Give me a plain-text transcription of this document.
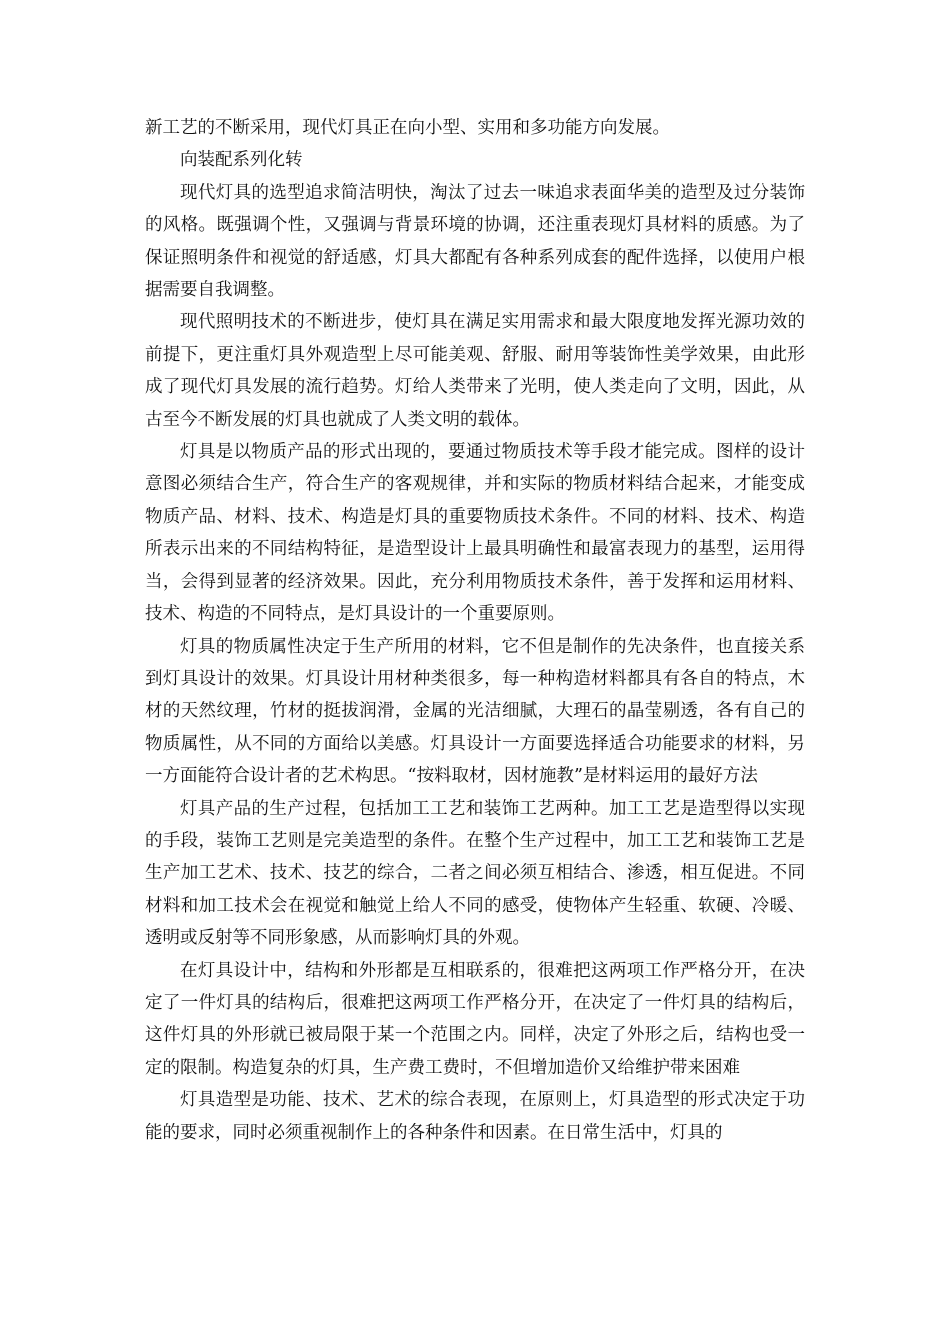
新工艺的不断采用，现代灯具正在向小型、实用和多功能方向发展。

向装配系列化转

现代灯具的选型追求简洁明快，淘汰了过去一味追求表面华美的造型及过分装饰的风格。既强调个性，又强调与背景环境的协调，还注重表现灯具材料的质感。为了保证照明条件和视觉的舒适感，灯具大都配有各种系列成套的配件选择，以使用户根据需要自我调整。

现代照明技术的不断进步，使灯具在满足实用需求和最大限度地发挥光源功效的前提下，更注重灯具外观造型上尽可能美观、舒服、耐用等装饰性美学效果，由此形成了现代灯具发展的流行趋势。灯给人类带来了光明，使人类走向了文明，因此，从古至今不断发展的灯具也就成了人类文明的载体。

灯具是以物质产品的形式出现的，要通过物质技术等手段才能完成。图样的设计意图必须结合生产，符合生产的客观规律，并和实际的物质材料结合起来，才能变成物质产品、材料、技术、构造是灯具的重要物质技术条件。不同的材料、技术、构造所表示出来的不同结构特征，是造型设计上最具明确性和最富表现力的基型，运用得当，会得到显著的经济效果。因此，充分利用物质技术条件，善于发挥和运用材料、技术、构造的不同特点，是灯具设计的一个重要原则。

灯具的物质属性决定于生产所用的材料，它不但是制作的先决条件，也直接关系到灯具设计的效果。灯具设计用材种类很多，每一种构造材料都具有各自的特点，木材的天然纹理，竹材的挺拔润滑，金属的光洁细腻，大理石的晶莹剔透，各有自己的物质属性，从不同的方面给以美感。灯具设计一方面要选择适合功能要求的材料，另一方面能符合设计者的艺术构思。“按料取材，因材施教”是材料运用的最好方法

灯具产品的生产过程，包括加工工艺和装饰工艺两种。加工工艺是造型得以实现的手段，装饰工艺则是完美造型的条件。在整个生产过程中，加工工艺和装饰工艺是生产加工艺术、技术、技艺的综合，二者之间必须互相结合、渗透，相互促进。不同材料和加工技术会在视觉和触觉上给人不同的感受，使物体产生轻重、软硬、冷暖、透明或反射等不同形象感，从而影响灯具的外观。

在灯具设计中，结构和外形都是互相联系的，很难把这两项工作严格分开，在决定了一件灯具的结构后，很难把这两项工作严格分开，在决定了一件灯具的结构后，这件灯具的外形就已被局限于某一个范围之内。同样，决定了外形之后，结构也受一定的限制。构造复杂的灯具，生产费工费时，不但增加造价又给维护带来困难

灯具造型是功能、技术、艺术的综合表现，在原则上，灯具造型的形式决定于功能的要求，同时必须重视制作上的各种条件和因素。在日常生活中，灯具的
